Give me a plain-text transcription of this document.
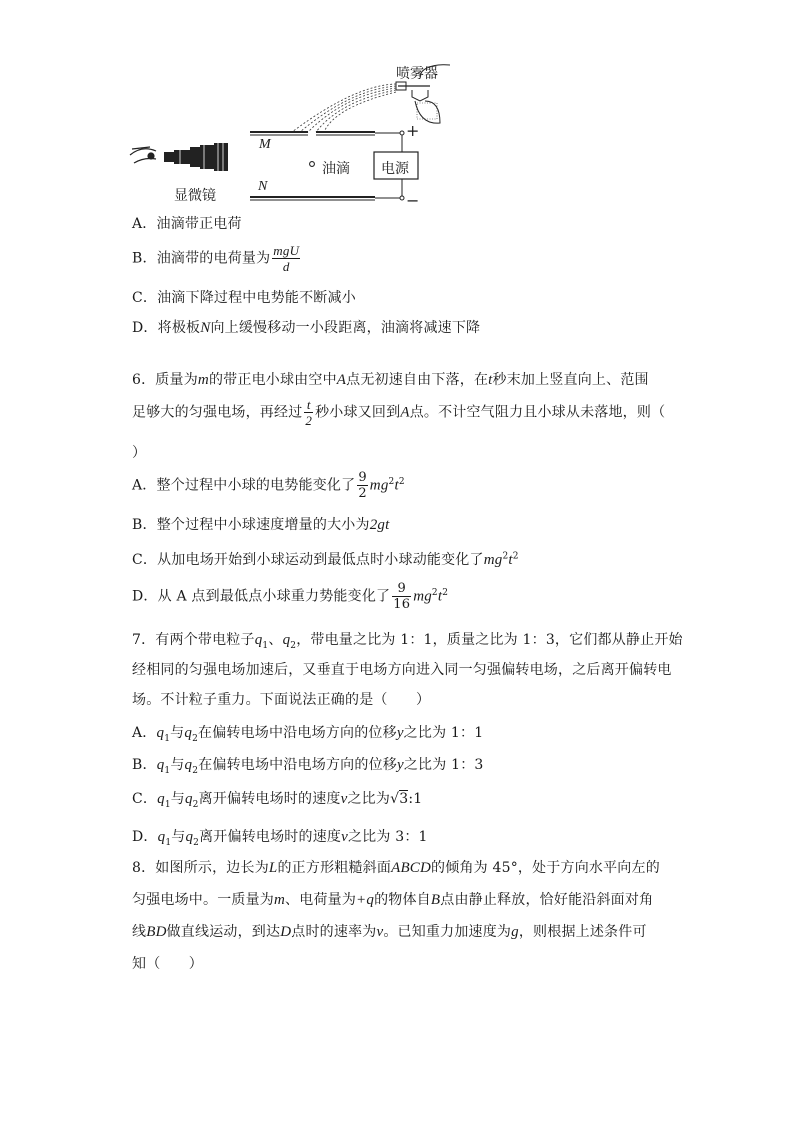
喷雾器
M
N
油滴 电源
+
−
显微镜
A．油滴带正电荷
B．油滴带的电荷量为 $\frac{\text{mgU}}{d}$
C．油滴下降过程中电势能不断减小
D．将极板N向上缓慢移动一小段距离，油滴将减速下降
6．质量为m的带正电小球由空中A点无初速自由下落，在t秒末加上竖直向上、范围
足够大的匀强电场，再经过 $\frac{t}{2}$ 秒小球又回到A点。不计空气阻力且小球从未落地，则（
）
A．整个过程中小球的电势能变化了 $\frac{9}{2} mg^2t^2$
B．整个过程中小球速度增量的大小为2gt
C．从加电场开始到小球运动到最低点时小球动能变化了$mg^2t^2$
D．从 A 点到最低点小球重力势能变化了 $\frac{9}{16} mg^2t^2$
7．有两个带电粒子$q_1$、$q_2$，带电量之比为 1：1，质量之比为 1：3，它们都从静止开始
经相同的匀强电场加速后，又垂直于电场方向进入同一匀强偏转电场，之后离开偏转电
场。不计粒子重力。下面说法正确的是（　　）
A．$q_1$与$q_2$在偏转电场中沿电场方向的位移y之比为 1：1
B．$q_1$与$q_2$在偏转电场中沿电场方向的位移y之比为 1：3
C．$q_1$与$q_2$离开偏转电场时的速度v之比为√3:1
D．$q_1$与$q_2$离开偏转电场时的速度v之比为 3：1
8．如图所示，边长为L的正方形粗糙斜面ABCD的倾角为 45°，处于方向水平向左的
匀强电场中。一质量为m、电荷量为+q的物体自B点由静止释放，恰好能沿斜面对角
线BD做直线运动，到达D点时的速率为v。已知重力加速度为g，则根据上述条件可
知（　　）
